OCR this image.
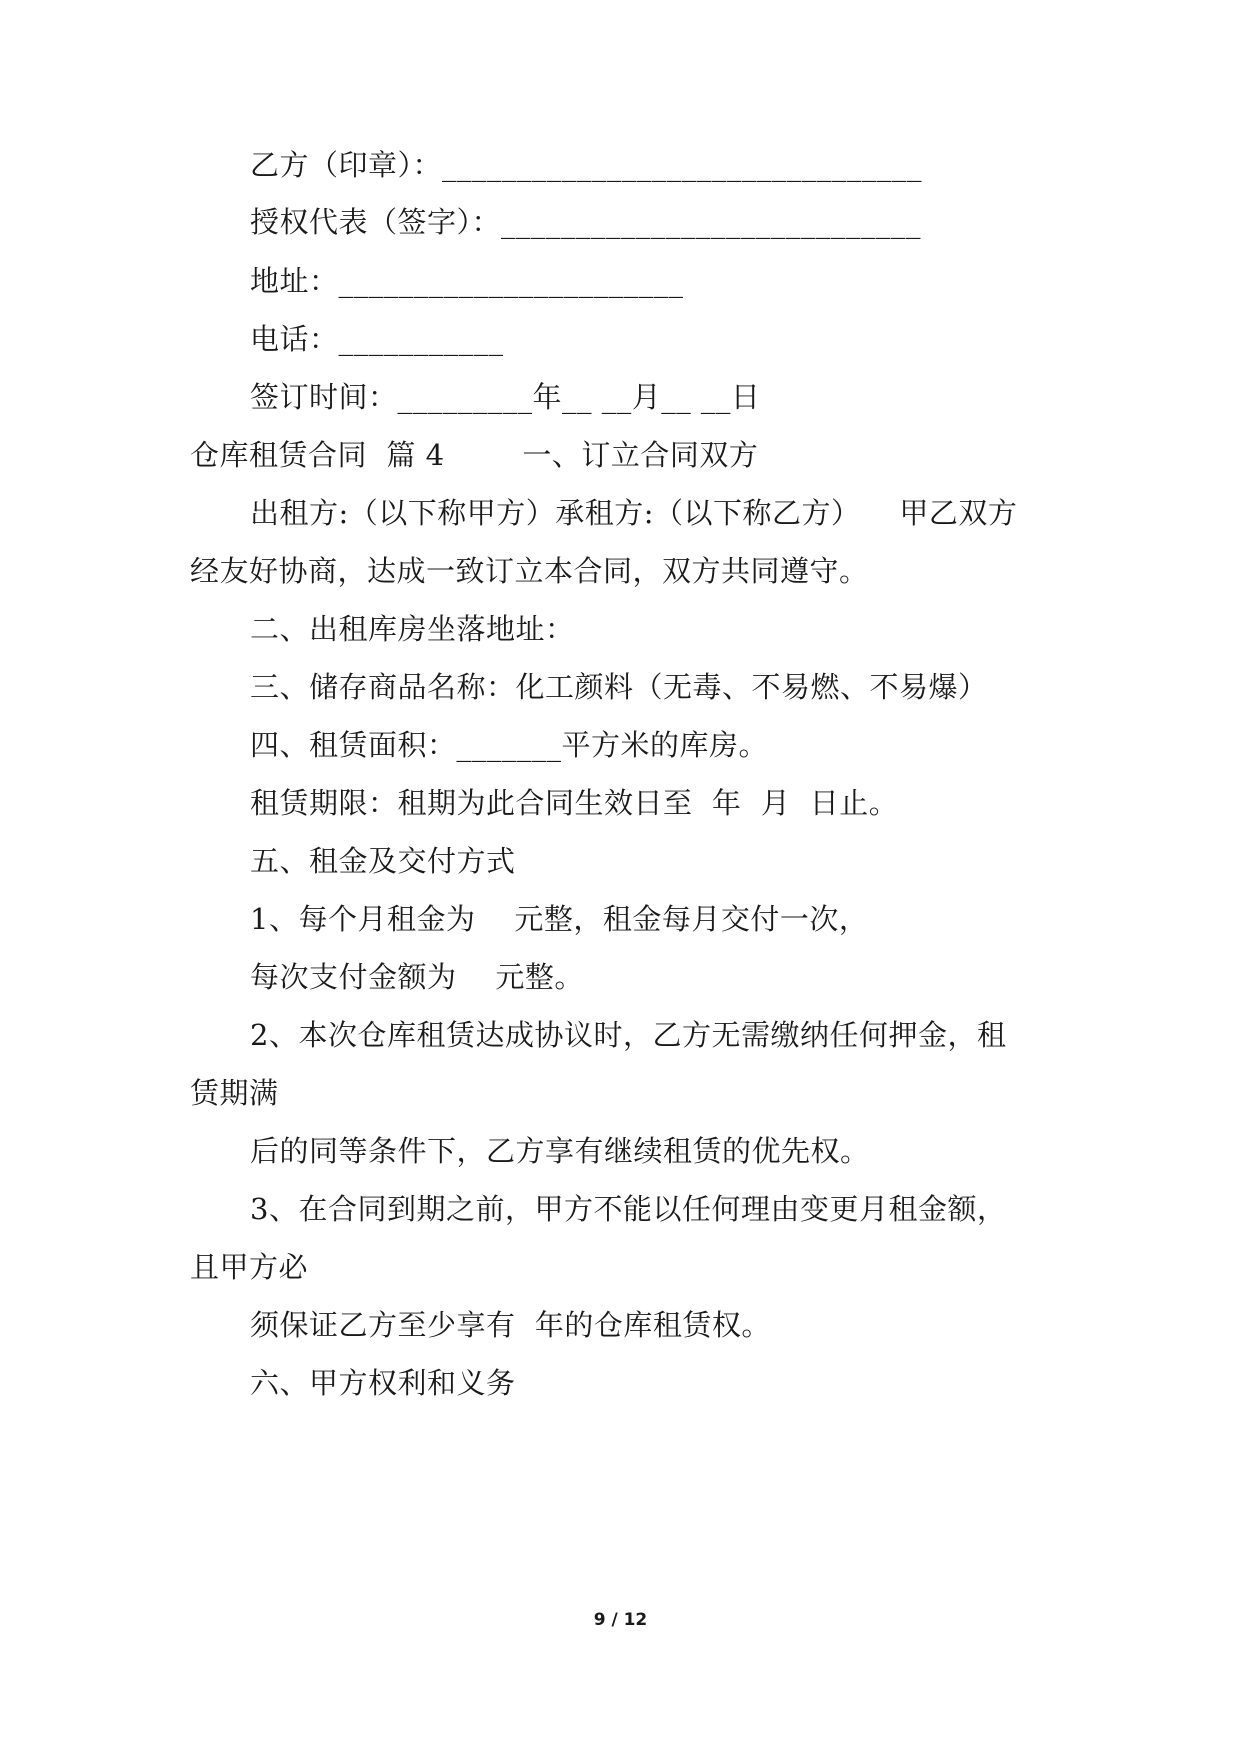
乙方（印章）：________________________________
授权代表（签字）：____________________________
地址：_______________________
电话：___________
签订时间：_________年__ __月__ __日
仓库租赁合同  篇 4        一、订立合同双方
出租方:（以下称甲方）承租方:（以下称乙方）    甲乙双方
经友好协商，达成一致订立本合同，双方共同遵守。
二、出租库房坐落地址：
三、储存商品名称：化工颜料（无毒、不易燃、不易爆）
四、租赁面积：_______平方米的库房。
租赁期限：租期为此合同生效日至  年  月  日止。
五、租金及交付方式
1、每个月租金为    元整，租金每月交付一次，
每次支付金额为    元整。
2、本次仓库租赁达成协议时，乙方无需缴纳任何押金，租
赁期满
后的同等条件下，乙方享有继续租赁的优先权。
3、在合同到期之前，甲方不能以任何理由变更月租金额，
且甲方必
须保证乙方至少享有  年的仓库租赁权。
六、甲方权利和义务
9 / 12
